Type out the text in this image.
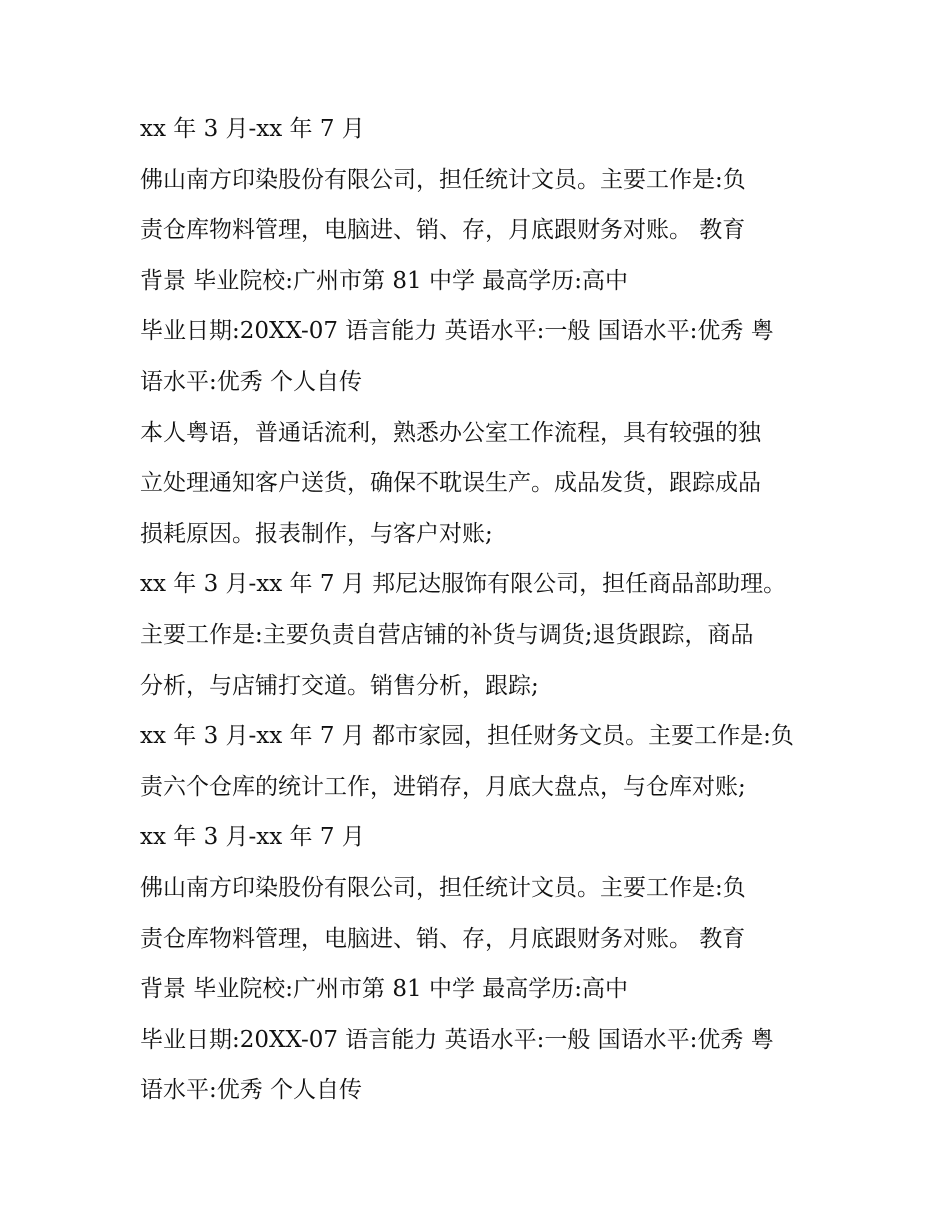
xx 年 3 月-xx 年 7 月
佛山南方印染股份有限公司，担任统计文员。主要工作是:负
责仓库物料管理，电脑进、销、存，月底跟财务对账。 教育
背景 毕业院校:广州市第 81 中学 最高学历:高中
毕业日期:20XX-07 语言能力 英语水平:一般 国语水平:优秀 粤
语水平:优秀 个人自传
本人粤语，普通话流利，熟悉办公室工作流程，具有较强的独
立处理通知客户送货，确保不耽误生产。成品发货，跟踪成品
损耗原因。报表制作，与客户对账;
xx 年 3 月-xx 年 7 月 邦尼达服饰有限公司，担任商品部助理。
主要工作是:主要负责自营店铺的补货与调货;退货跟踪，商品
分析，与店铺打交道。销售分析，跟踪;
xx 年 3 月-xx 年 7 月 都市家园，担任财务文员。主要工作是:负
责六个仓库的统计工作，进销存，月底大盘点，与仓库对账;
xx 年 3 月-xx 年 7 月
佛山南方印染股份有限公司，担任统计文员。主要工作是:负
责仓库物料管理，电脑进、销、存，月底跟财务对账。 教育
背景 毕业院校:广州市第 81 中学 最高学历:高中
毕业日期:20XX-07 语言能力 英语水平:一般 国语水平:优秀 粤
语水平:优秀 个人自传
